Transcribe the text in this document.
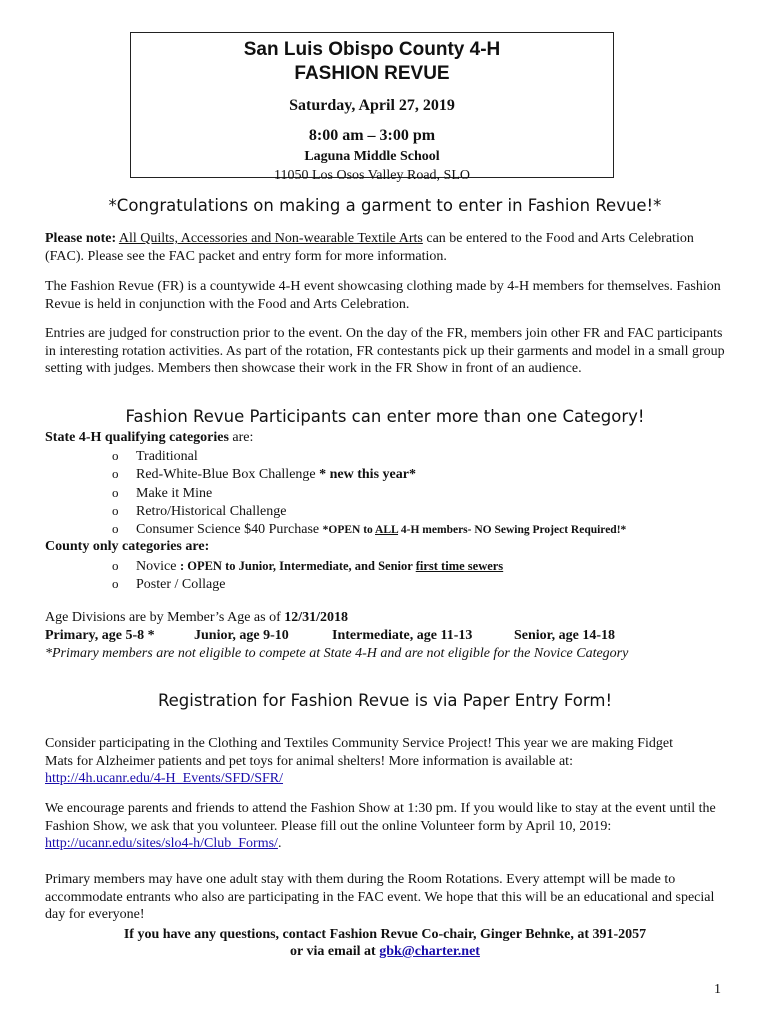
San Luis Obispo County 4-H
FASHION REVUE
Saturday, April 27, 2019
8:00 am – 3:00 pm
Laguna Middle School
11050 Los Osos Valley Road, SLO
*Congratulations on making a garment to enter in Fashion Revue!*
Please note: All Quilts, Accessories and Non-wearable Textile Arts can be entered to the Food and Arts Celebration (FAC). Please see the FAC packet and entry form for more information.
The Fashion Revue (FR) is a countywide 4-H event showcasing clothing made by 4-H members for themselves. Fashion Revue is held in conjunction with the Food and Arts Celebration.
Entries are judged for construction prior to the event. On the day of the FR, members join other FR and FAC participants in interesting rotation activities. As part of the rotation, FR contestants pick up their garments and model in a small group setting with judges. Members then showcase their work in the FR Show in front of an audience.
Fashion Revue Participants can enter more than one Category!
State 4-H qualifying categories are:
o Traditional
o Red-White-Blue Box Challenge * new this year*
o Make it Mine
o Retro/Historical Challenge
o Consumer Science $40 Purchase *OPEN to ALL 4-H members- NO Sewing Project Required!*
County only categories are:
o Novice : OPEN to Junior, Intermediate, and Senior first time sewers
o Poster / Collage
Age Divisions are by Member’s Age as of 12/31/2018
Primary, age 5-8 *	Junior, age 9-10	Intermediate, age 11-13	Senior, age 14-18
*Primary members are not eligible to compete at State 4-H and are not eligible for the Novice Category
Registration for Fashion Revue is via Paper Entry Form!
Consider participating in the Clothing and Textiles Community Service Project! This year we are making Fidget Mats for Alzheimer patients and pet toys for animal shelters! More information is available at: http://4h.ucanr.edu/4-H_Events/SFD/SFR/
We encourage parents and friends to attend the Fashion Show at 1:30 pm. If you would like to stay at the event until the Fashion Show, we ask that you volunteer. Please fill out the online Volunteer form by April 10, 2019: http://ucanr.edu/sites/slo4-h/Club_Forms/.
Primary members may have one adult stay with them during the Room Rotations. Every attempt will be made to accommodate entrants who also are participating in the FAC event. We hope that this will be an educational and special day for everyone!
If you have any questions, contact Fashion Revue Co-chair, Ginger Behnke, at 391-2057
or via email at gbk@charter.net
1
